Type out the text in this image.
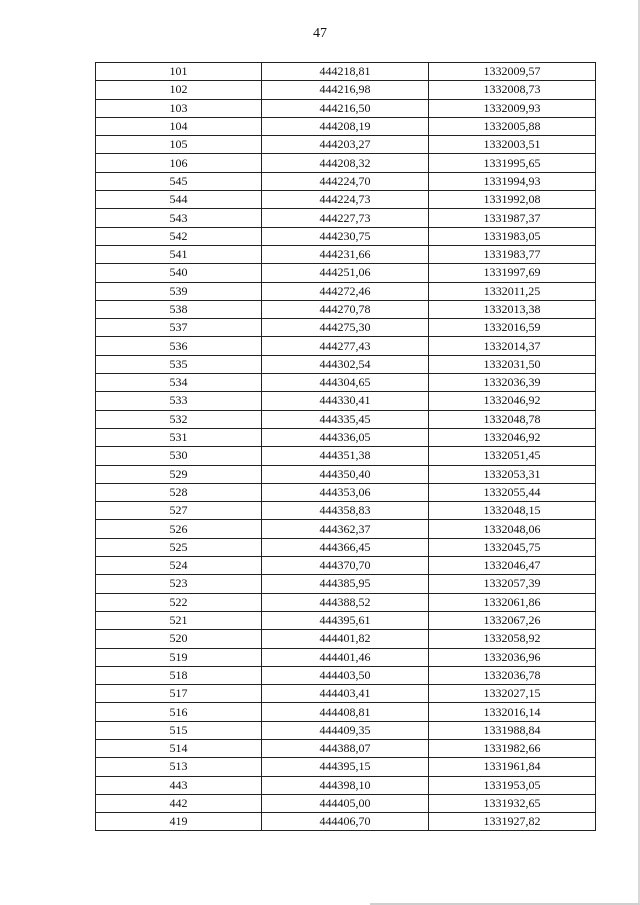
47
101	444218,81	1332009,57
102	444216,98	1332008,73
103	444216,50	1332009,93
104	444208,19	1332005,88
105	444203,27	1332003,51
106	444208,32	1331995,65
545	444224,70	1331994,93
544	444224,73	1331992,08
543	444227,73	1331987,37
542	444230,75	1331983,05
541	444231,66	1331983,77
540	444251,06	1331997,69
539	444272,46	1332011,25
538	444270,78	1332013,38
537	444275,30	1332016,59
536	444277,43	1332014,37
535	444302,54	1332031,50
534	444304,65	1332036,39
533	444330,41	1332046,92
532	444335,45	1332048,78
531	444336,05	1332046,92
530	444351,38	1332051,45
529	444350,40	1332053,31
528	444353,06	1332055,44
527	444358,83	1332048,15
526	444362,37	1332048,06
525	444366,45	1332045,75
524	444370,70	1332046,47
523	444385,95	1332057,39
522	444388,52	1332061,86
521	444395,61	1332067,26
520	444401,82	1332058,92
519	444401,46	1332036,96
518	444403,50	1332036,78
517	444403,41	1332027,15
516	444408,81	1332016,14
515	444409,35	1331988,84
514	444388,07	1331982,66
513	444395,15	1331961,84
443	444398,10	1331953,05
442	444405,00	1331932,65
419	444406,70	1331927,82
